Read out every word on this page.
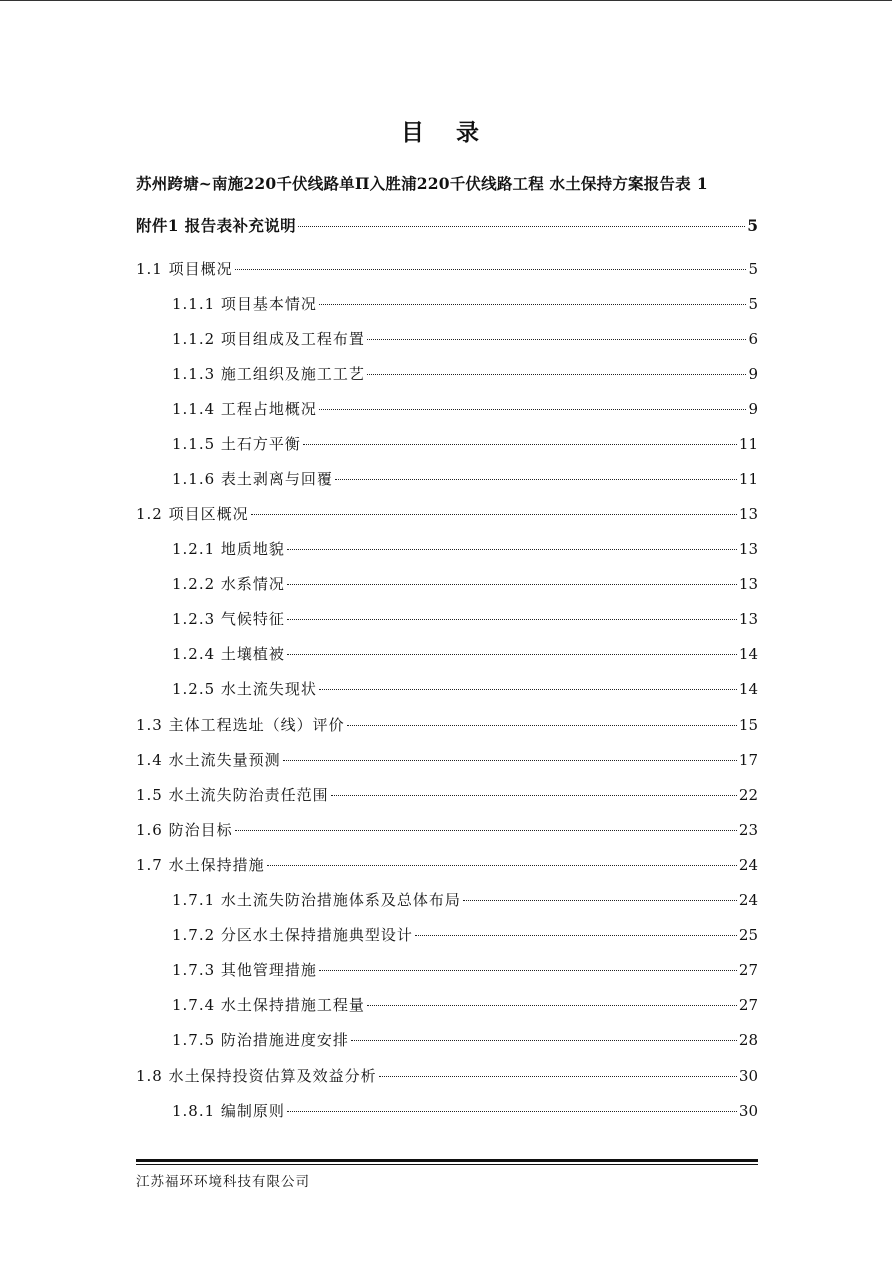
目 录
苏州跨塘~南施220千伏线路单Π入胜浦220千伏线路工程 水土保持方案报告表 1
附件1 报告表补充说明	5
1.1 项目概况	5
1.1.1 项目基本情况	5
1.1.2 项目组成及工程布置	6
1.1.3 施工组织及施工工艺	9
1.1.4 工程占地概况	9
1.1.5 土石方平衡	11
1.1.6 表土剥离与回覆	11
1.2 项目区概况	13
1.2.1 地质地貌	13
1.2.2 水系情况	13
1.2.3 气候特征	13
1.2.4 土壤植被	14
1.2.5 水土流失现状	14
1.3 主体工程选址（线）评价	15
1.4 水土流失量预测	17
1.5 水土流失防治责任范围	22
1.6 防治目标	23
1.7 水土保持措施	24
1.7.1 水土流失防治措施体系及总体布局	24
1.7.2 分区水土保持措施典型设计	25
1.7.3 其他管理措施	27
1.7.4 水土保持措施工程量	27
1.7.5 防治措施进度安排	28
1.8 水土保持投资估算及效益分析	30
1.8.1 编制原则	30
江苏福环环境科技有限公司
